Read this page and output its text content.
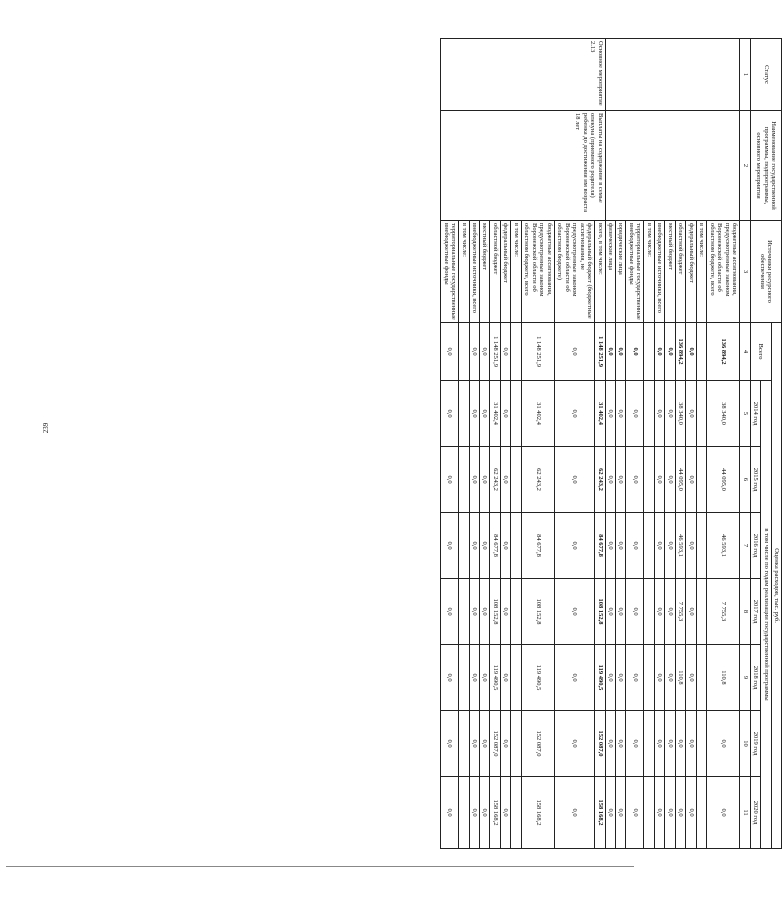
239
Статус	Наименование государственной программы, подпрограммы, основного мероприятия	Источники ресурсного обеспечения	Оценка расходов, тыс. руб.							
			Всего	в том числе по годам реализации государственной программы						
				2014 год	2015 год	2016 год	2017 год	2018 год	2019 год	2020 год
1	2	3	4	5	6	7	8	9	10	11
		бюджетные ассигнования, предусмотренные законом Воронежской области об областном бюджете, всего	136 894,2	38 340,0	44 095,0	46 593,1	7 755,3	110,8	0,0	0,0
		в том числе:								
		федеральный бюджет	0,0	0,0	0,0	0,0	0,0	0,0	0,0	0,0
		областной бюджет	136 894,2	38 340,0	44 095,0	46 593,1	7 755,3	110,8	0,0	0,0
		местный бюджет	0,0	0,0	0,0	0,0	0,0	0,0	0,0	0,0
		внебюджетные источники, всего	0,0	0,0	0,0	0,0	0,0	0,0	0,0	0,0
		в том числе:								
		территориальные государственные внебюджетные фонды	0,0	0,0	0,0	0,0	0,0	0,0	0,0	0,0
		юридические лица	0,0	0,0	0,0	0,0	0,0	0,0	0,0	0,0
		физические лица	0,0	0,0	0,0	0,0	0,0	0,0	0,0	0,0
Основное мероприятие 2.13	Выплаты на содержание в семье опекуна (приемного родителя) ребенка до достижения им возраста 18 лет	всего, в том числе:	1 148 251,9	31 402,4	62 243,2	84 677,8	108 152,8	119 490,5	152 087,0	158 168,2
		федеральный бюджет (бюджетные ассигнования, не предусмотренные законом Воронежской области об областном бюджете)	0,0	0,0	0,0	0,0	0,0	0,0	0,0	0,0
		бюджетные ассигнования, предусмотренные законом Воронежской области об областном бюджете, всего	1 148 251,9	31 402,4	62 243,2	84 677,8	108 152,8	119 490,5	152 087,0	158 168,2
		в том числе:								
		федеральный бюджет	0,0	0,0	0,0	0,0	0,0	0,0	0,0	0,0
		областной бюджет	1 148 251,9	31 402,4	62 243,2	84 677,8	108 152,8	119 490,5	152 087,0	158 168,2
		местный бюджет	0,0	0,0	0,0	0,0	0,0	0,0	0,0	0,0
		внебюджетные источники, всего	0,0	0,0	0,0	0,0	0,0	0,0	0,0	0,0
		в том числе:								
		территориальные государственные внебюджетные фонды	0,0	0,0	0,0	0,0	0,0	0,0	0,0	0,0
